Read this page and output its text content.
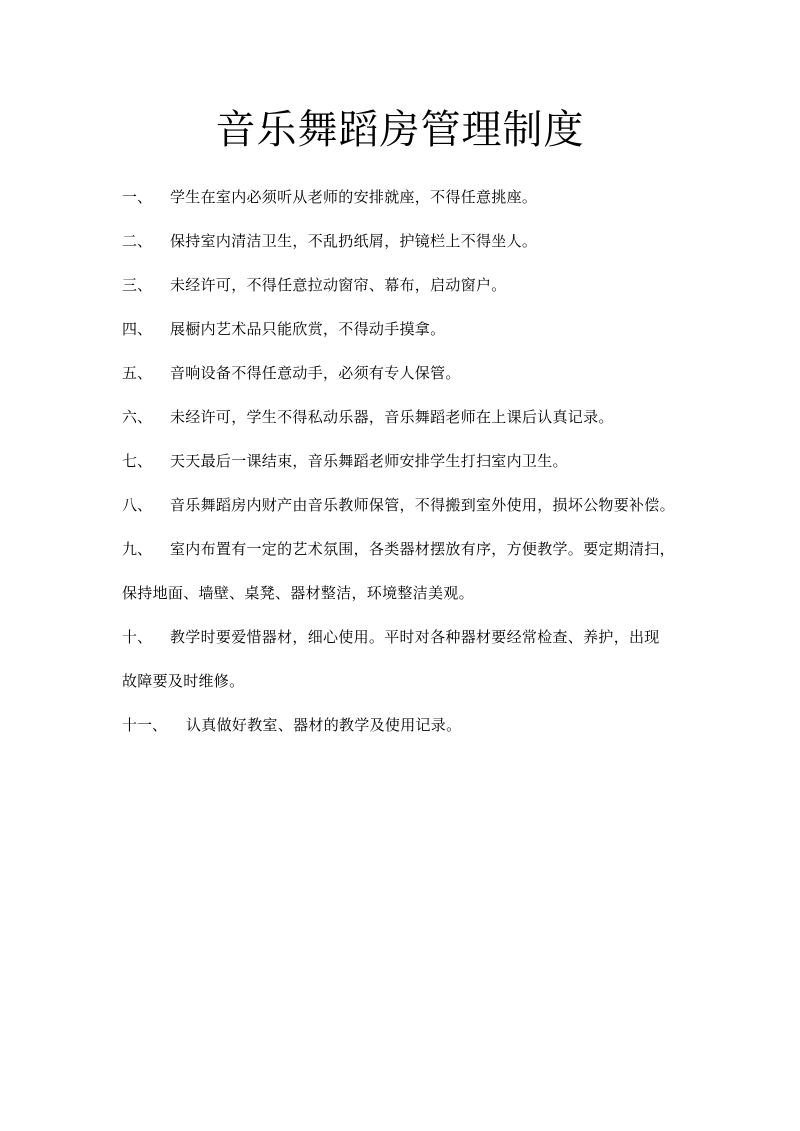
音乐舞蹈房管理制度
一、 学生在室内必须听从老师的安排就座，不得任意挑座。
二、 保持室内清洁卫生，不乱扔纸屑，护镜栏上不得坐人。
三、 未经许可，不得任意拉动窗帘、幕布，启动窗户。
四、 展橱内艺术品只能欣赏，不得动手摸拿。
五、 音响设备不得任意动手，必须有专人保管。
六、 未经许可，学生不得私动乐器，音乐舞蹈老师在上课后认真记录。
七、 天天最后一课结束，音乐舞蹈老师安排学生打扫室内卫生。
八、 音乐舞蹈房内财产由音乐教师保管，不得搬到室外使用，损坏公物要补偿。
九、 室内布置有一定的艺术氛围，各类器材摆放有序，方便教学。要定期清扫，
保持地面、墙壁、桌凳、器材整洁，环境整洁美观。
十、 教学时要爱惜器材，细心使用。平时对各种器材要经常检查、养护，出现
故障要及时维修。
十一、 认真做好教室、器材的教学及使用记录。
